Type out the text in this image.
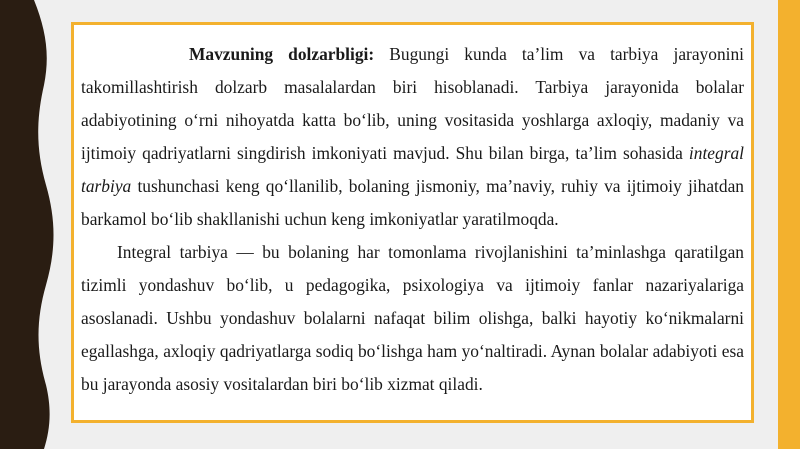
Mavzuning dolzarbligi: Bugungi kunda ta’lim va tarbiya jarayonini takomillashtirish dolzarb masalalardan biri hisoblanadi. Tarbiya jarayonida bolalar adabiyotining o‘rni nihoyatda katta bo‘lib, uning vositasida yoshlarga axloqiy, madaniy va ijtimoiy qadriyatlarni singdirish imkoniyati mavjud. Shu bilan birga, ta’lim sohasida integral tarbiya tushunchasi keng qo‘llanilib, bolaning jismoniy, ma’naviy, ruhiy va ijtimoiy jihatdan barkamol bo‘lib shakllanishi uchun keng imkoniyatlar yaratilmoqda.

Integral tarbiya — bu bolaning har tomonlama rivojlanishini ta’minlashga qaratilgan tizimli yondashuv bo‘lib, u pedagogika, psixologiya va ijtimoiy fanlar nazariyalariga asoslanadi. Ushbu yondashuv bolalarni nafaqat bilim olishga, balki hayotiy ko‘nikmalarni egallashga, axloqiy qadriyatlarga sodiq bo‘lishga ham yo‘naltiradi. Aynan bolalar adabiyoti esa bu jarayonda asosiy vositalardan biri bo‘lib xizmat qiladi.
